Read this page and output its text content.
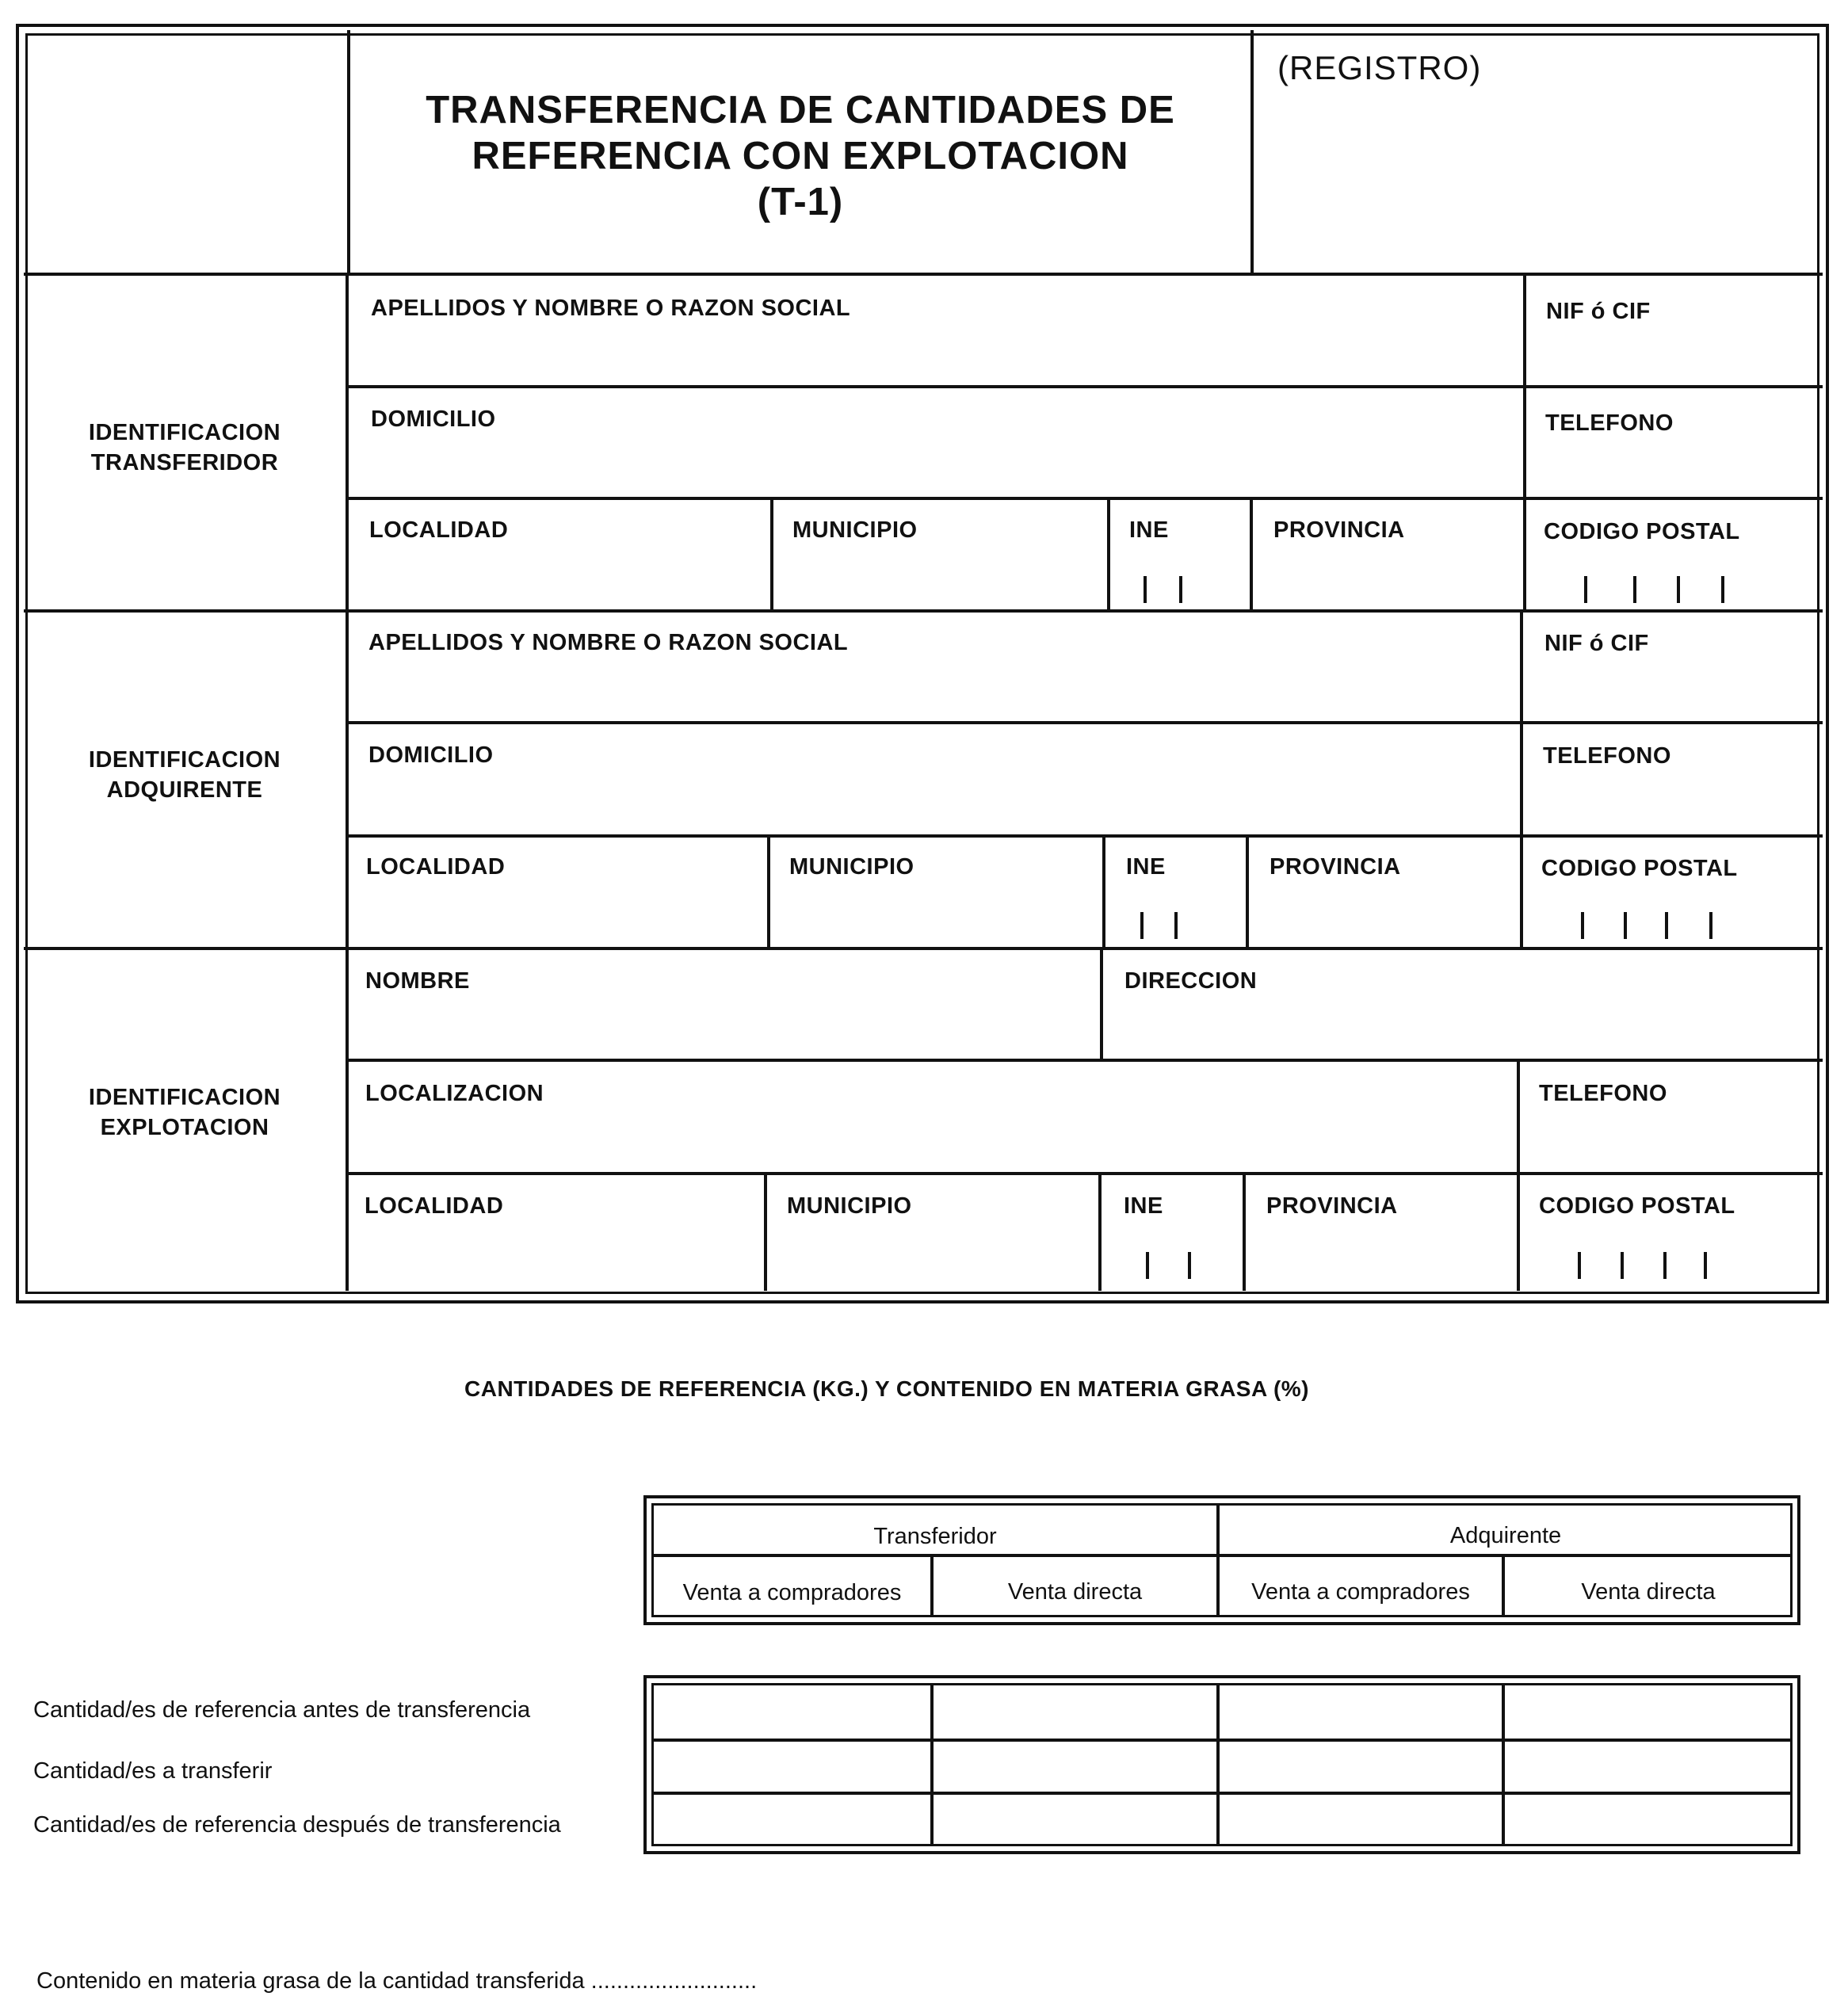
TRANSFERENCIA DE CANTIDADES DE
REFERENCIA CON EXPLOTACION
(T-1)
(REGISTRO)
IDENTIFICACION
TRANSFERIDOR
APELLIDOS Y NOMBRE O RAZON SOCIAL	NIF ó CIF
DOMICILIO	TELEFONO
LOCALIDAD	MUNICIPIO	INE	PROVINCIA	CODIGO POSTAL
IDENTIFICACION
ADQUIRENTE
APELLIDOS Y NOMBRE O RAZON SOCIAL	NIF ó CIF
DOMICILIO	TELEFONO
LOCALIDAD	MUNICIPIO	INE	PROVINCIA	CODIGO POSTAL
IDENTIFICACION
EXPLOTACION
NOMBRE	DIRECCION
LOCALIZACION	TELEFONO
LOCALIDAD	MUNICIPIO	INE	PROVINCIA	CODIGO POSTAL
CANTIDADES DE REFERENCIA (KG.) Y CONTENIDO EN MATERIA GRASA (%)
Transferidor	Adquirente
Venta a compradores	Venta directa	Venta a compradores	Venta directa
Cantidad/es de referencia antes de transferencia
Cantidad/es a transferir
Cantidad/es de referencia después de transferencia
Contenido en materia grasa de la cantidad transferida ..........................
